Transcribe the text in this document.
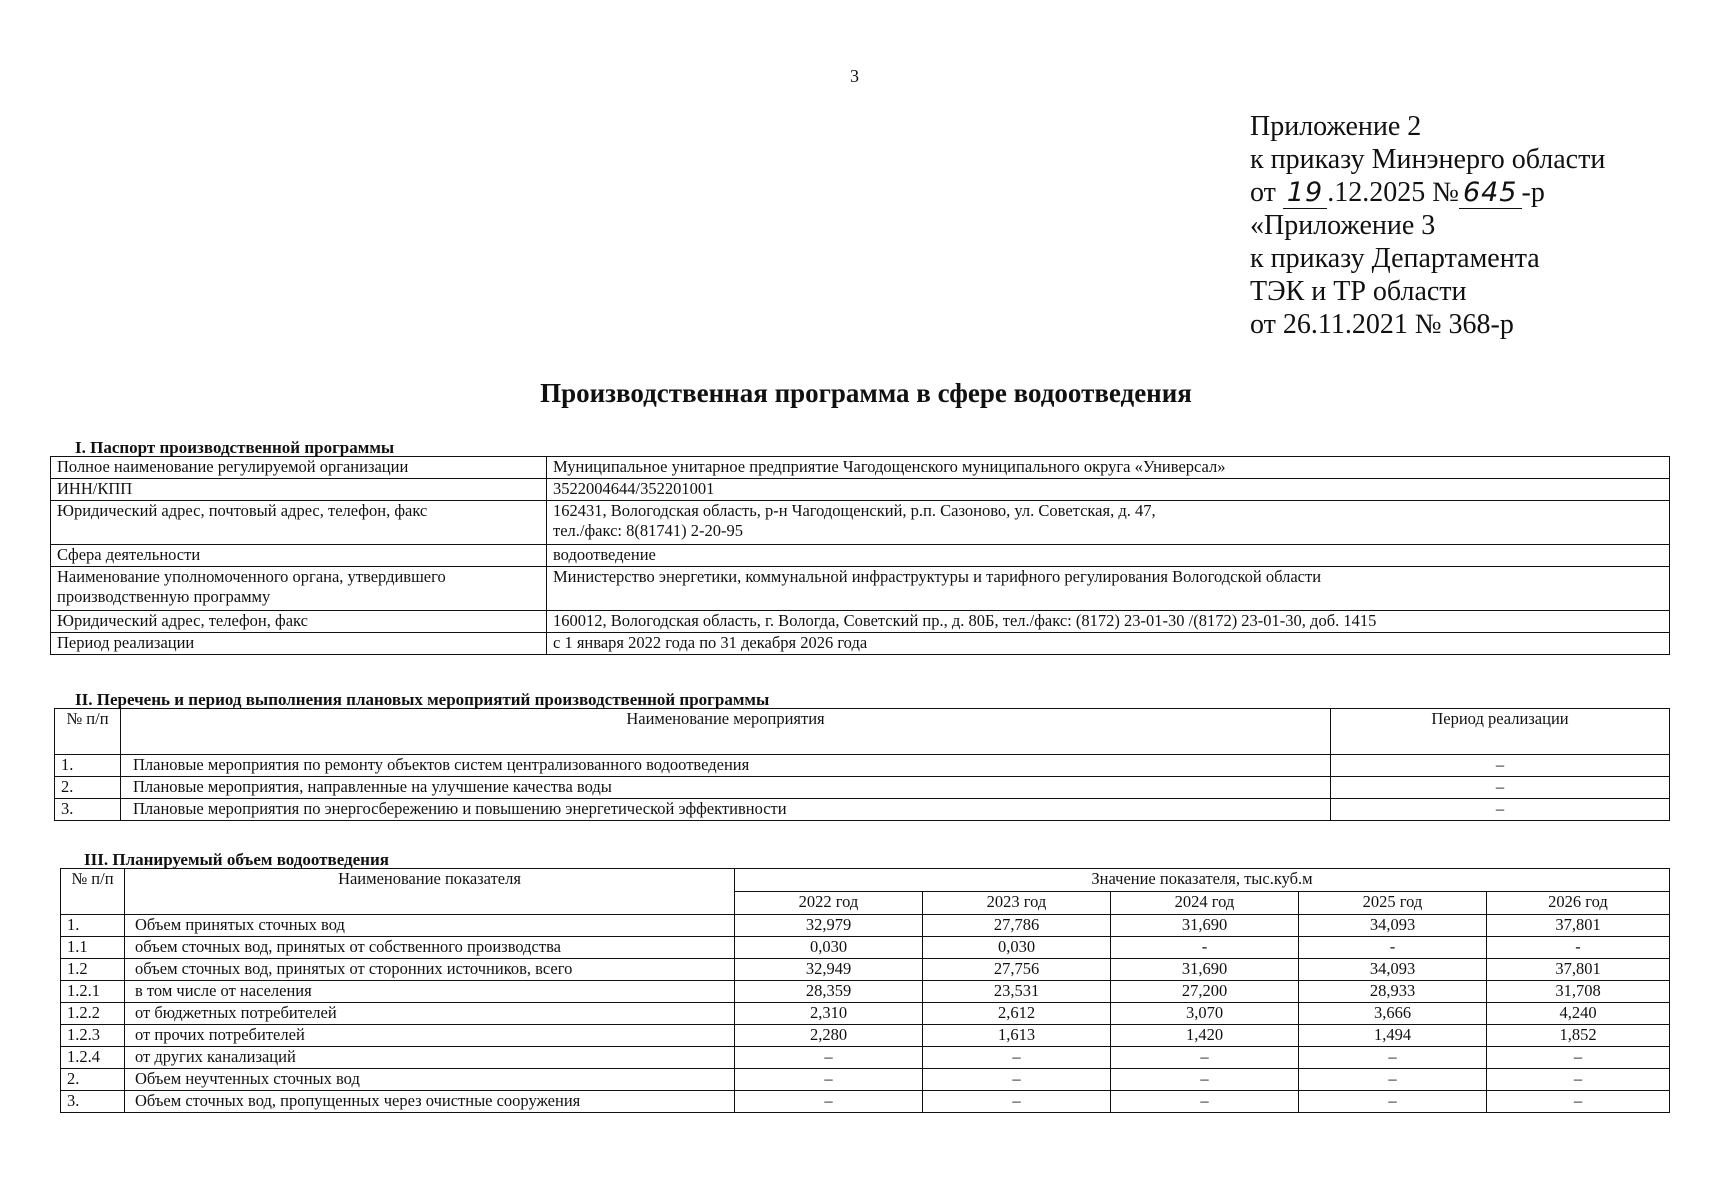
3
Приложение 2
к приказу Минэнерго области
от 19 .12.2025 № 645 -р
«Приложение 3
к приказу Департамента
ТЭК и ТР области
от 26.11.2021 № 368-р
Производственная программа в сфере водоотведения
I. Паспорт производственной программы
Полное наименование регулируемой организации	Муниципальное унитарное предприятие Чагодощенского муниципального округа «Универсал»
ИНН/КПП	3522004644/352201001
Юридический адрес, почтовый адрес, телефон, факс	162431, Вологодская область, р-н Чагодощенский, р.п. Сазоново, ул. Советская, д. 47,
тел./факс: 8(81741) 2-20-95

Сфера деятельности	водоотведение
Наименование уполномоченного органа, утвердившего производственную программу	Министерство энергетики, коммунальной инфраструктуры и тарифного регулирования Вологодской области
Юридический адрес, телефон, факс	160012, Вологодская область, г. Вологда, Советский пр., д. 80Б, тел./факс: (8172) 23-01-30 /(8172) 23-01-30, доб. 1415
Период реализации	с 1 января 2022 года по 31 декабря 2026 года
II. Перечень и период выполнения плановых мероприятий производственной программы
№ п/п	Наименование мероприятия	Период реализации
1.	Плановые мероприятия по ремонту объектов систем централизованного водоотведения	–
2.	Плановые мероприятия, направленные на улучшение качества воды	–
3.	Плановые мероприятия по энергосбережению и повышению энергетической эффективности	–
III. Планируемый объем водоотведения
№ п/п	Наименование показателя	Значение показателя, тыс.куб.м				
		2022 год	2023 год	2024 год	2025 год	2026 год
1.	Объем принятых сточных вод	32,979	27,786	31,690	34,093	37,801
1.1	объем сточных вод, принятых от собственного производства	0,030	0,030	-	-	-
1.2	объем сточных вод, принятых от сторонних источников, всего	32,949	27,756	31,690	34,093	37,801
1.2.1	в том числе от населения	28,359	23,531	27,200	28,933	31,708
1.2.2	от бюджетных потребителей	2,310	2,612	3,070	3,666	4,240
1.2.3	от прочих потребителей	2,280	1,613	1,420	1,494	1,852
1.2.4	от других канализаций	–	–	–	–	–
2.	Объем неучтенных сточных вод	–	–	–	–	–
3.	Объем сточных вод, пропущенных через очистные сооружения	–	–	–	–	–
